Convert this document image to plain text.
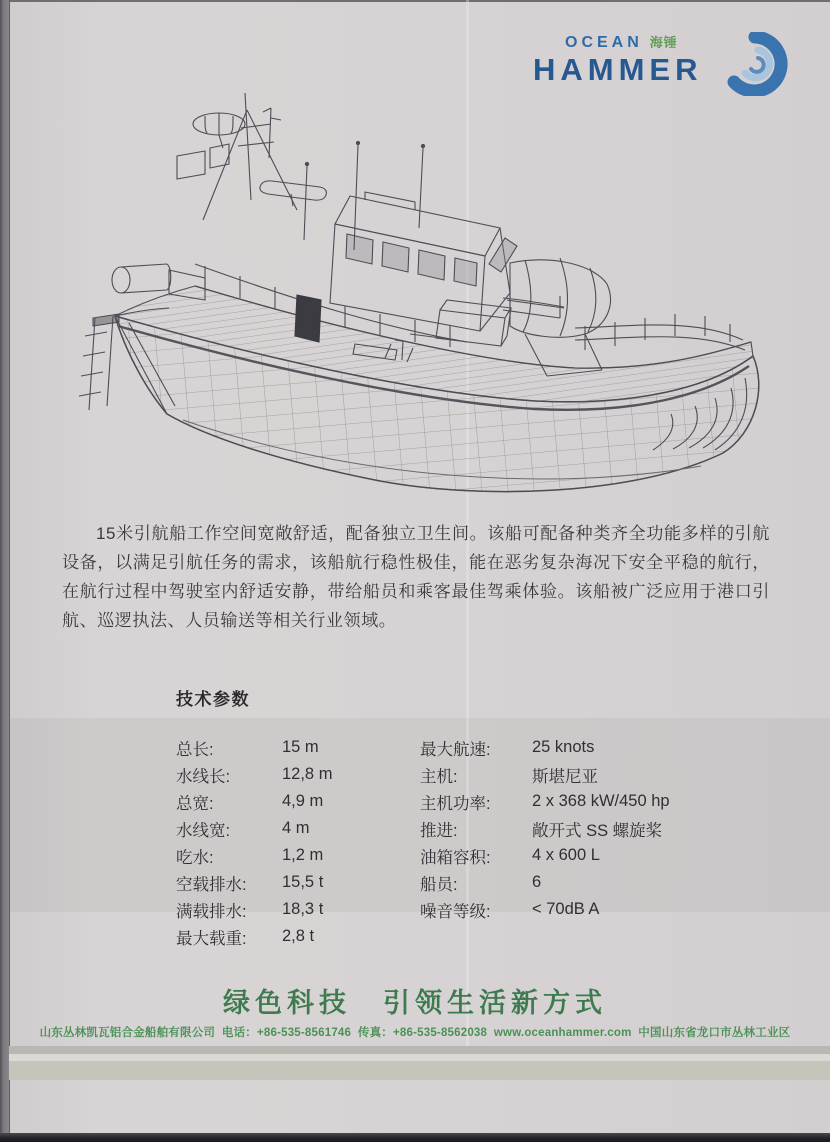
OCEAN 海锤
HAMMER
15米引航船工作空间宽敞舒适，配备独立卫生间。该船可配备种类齐全功能多样的引航设备，以满足引航任务的需求，该船航行稳性极佳，能在恶劣复杂海况下安全平稳的航行，在航行过程中驾驶室内舒适安静，带给船员和乘客最佳驾乘体验。该船被广泛应用于港口引航、巡逻执法、人员输送等相关行业领域。
技术参数
总长:	15 m
水线长:	12,8 m
总宽:	4,9 m
水线宽:	4 m
吃水:	1,2 m
空载排水:	15,5 t
满载排水:	18,3 t
最大载重:	2,8 t
最大航速:	25 knots
主机:	斯堪尼亚
主机功率:	2 x 368 kW/450 hp
推进:	敞开式 SS 螺旋桨
油箱容积:	4 x 600 L
船员:	6
噪音等级:	< 70dB A
绿色科技　引领生活新方式
山东丛林凯瓦铝合金船舶有限公司  电话：+86-535-8561746  传真：+86-535-8562038  www.oceanhammer.com  中国山东省龙口市丛林工业区
